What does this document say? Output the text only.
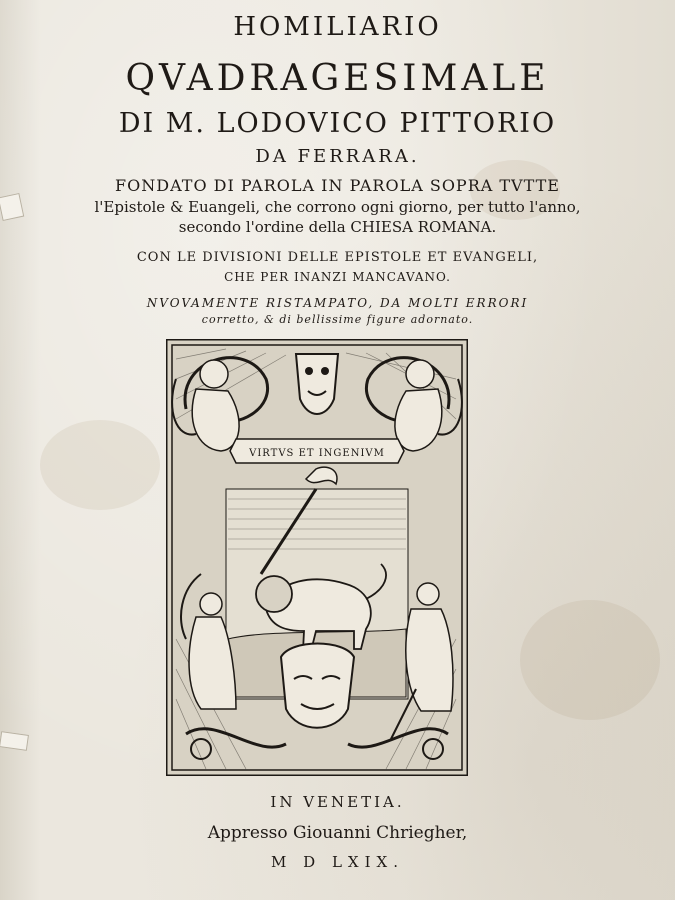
HOMILIARIO
QVADRAGESIMALE
DI M. LODOVICO PITTORIO
DA FERRARA.
FONDATO DI PAROLA IN PAROLA SOPRA TVTTE
l'Epistole & Euangeli, che corrono ogni giorno, per tutto l'anno,
secondo l'ordine della CHIESA ROMANA.
CON LE DIVISIONI DELLE EPISTOLE ET EVANGELI,
CHE PER INANZI MANCAVANO.
NVOVAMENTE RISTAMPATO, DA MOLTI ERRORI
corretto, & di bellissime figure adornato.
VIRTVS ET INGENIVM
IN VENETIA.
Appresso Giouanni Chriegher,
M D LXIX.
